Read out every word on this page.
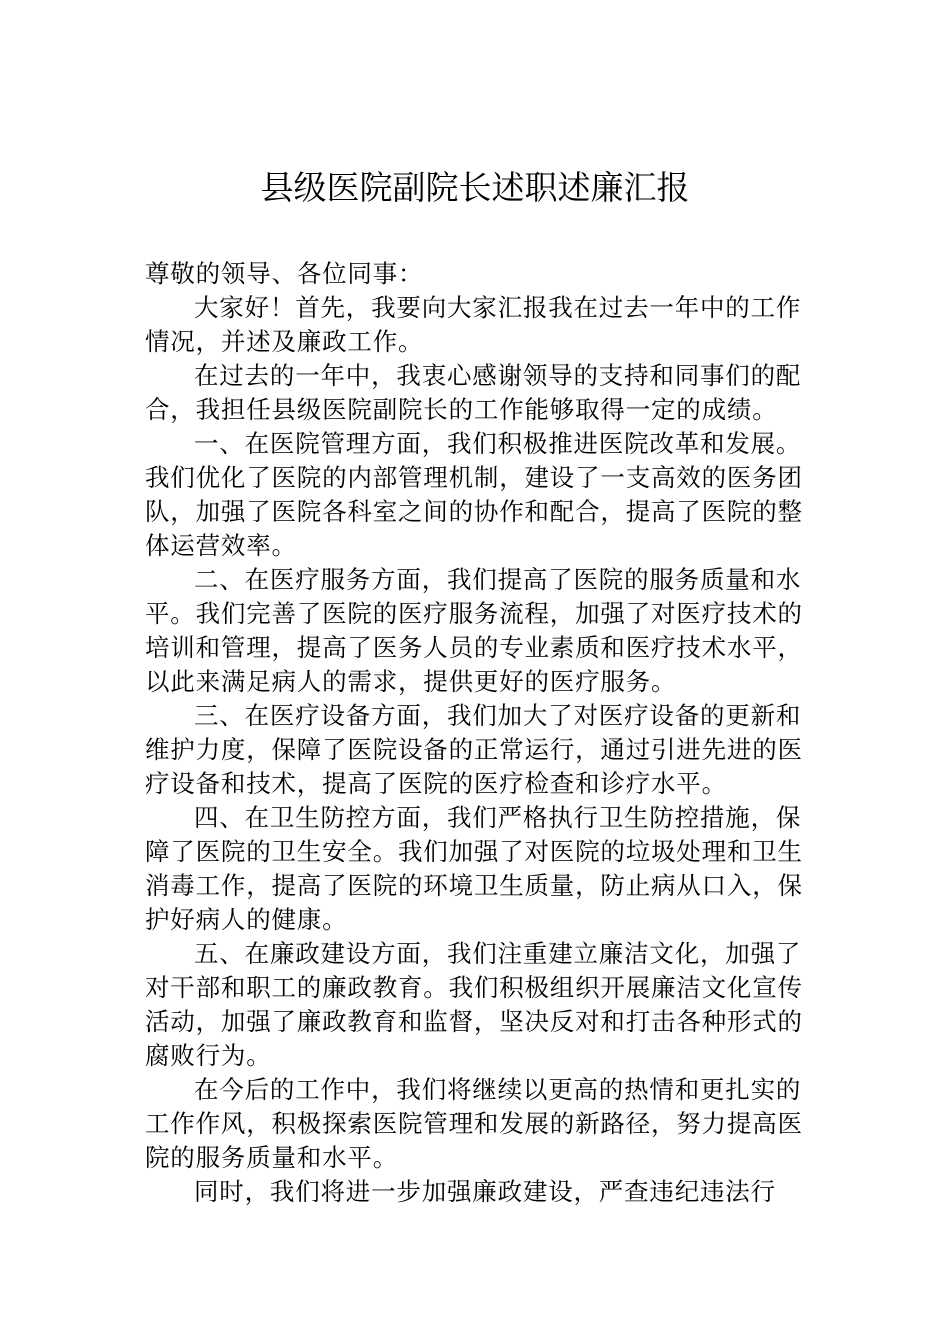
县级医院副院长述职述廉汇报

尊敬的领导、各位同事：

大家好！首先，我要向大家汇报我在过去一年中的工作情况，并述及廉政工作。

在过去的一年中，我衷心感谢领导的支持和同事们的配合，我担任县级医院副院长的工作能够取得一定的成绩。

一、在医院管理方面，我们积极推进医院改革和发展。我们优化了医院的内部管理机制，建设了一支高效的医务团队，加强了医院各科室之间的协作和配合，提高了医院的整体运营效率。

二、在医疗服务方面，我们提高了医院的服务质量和水平。我们完善了医院的医疗服务流程，加强了对医疗技术的培训和管理，提高了医务人员的专业素质和医疗技术水平，以此来满足病人的需求，提供更好的医疗服务。

三、在医疗设备方面，我们加大了对医疗设备的更新和维护力度，保障了医院设备的正常运行，通过引进先进的医疗设备和技术，提高了医院的医疗检查和诊疗水平。

四、在卫生防控方面，我们严格执行卫生防控措施，保障了医院的卫生安全。我们加强了对医院的垃圾处理和卫生消毒工作，提高了医院的环境卫生质量，防止病从口入，保护好病人的健康。

五、在廉政建设方面，我们注重建立廉洁文化，加强了对干部和职工的廉政教育。我们积极组织开展廉洁文化宣传活动，加强了廉政教育和监督，坚决反对和打击各种形式的腐败行为。

在今后的工作中，我们将继续以更高的热情和更扎实的工作作风，积极探索医院管理和发展的新路径，努力提高医院的服务质量和水平。

同时，我们将进一步加强廉政建设，严查违纪违法行
